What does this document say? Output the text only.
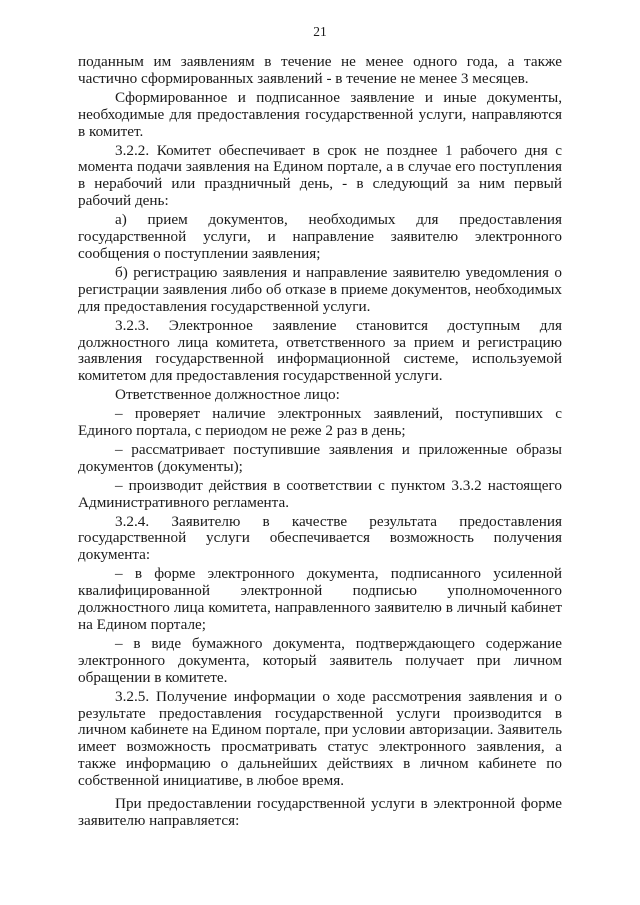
21

поданным им заявлениям в течение не менее одного года, а также частично сформированных заявлений - в течение не менее 3 месяцев.

Сформированное и подписанное заявление и иные документы, необходимые для предоставления государственной услуги, направляются в комитет.

3.2.2. Комитет обеспечивает в срок не позднее 1 рабочего дня с момента подачи заявления на Едином портале, а в случае его поступления в нерабочий или праздничный день, - в следующий за ним первый рабочий день:

а) прием документов, необходимых для предоставления государственной услуги, и направление заявителю электронного сообщения о поступлении заявления;

б) регистрацию заявления и направление заявителю уведомления о регистрации заявления либо об отказе в приеме документов, необходимых для предоставления государственной услуги.

3.2.3. Электронное заявление становится доступным для должностного лица комитета, ответственного за прием и регистрацию заявления государственной информационной системе, используемой комитетом для предоставления государственной услуги.

Ответственное должностное лицо:

– проверяет наличие электронных заявлений, поступивших с Единого портала, с периодом не реже 2 раз в день;

– рассматривает поступившие заявления и приложенные образы документов (документы);

– производит действия в соответствии с пунктом 3.3.2 настоящего Административного регламента.

3.2.4. Заявителю в качестве результата предоставления государственной услуги обеспечивается возможность получения документа:

– в форме электронного документа, подписанного усиленной квалифицированной электронной подписью уполномоченного должностного лица комитета, направленного заявителю в личный кабинет на Едином портале;

– в виде бумажного документа, подтверждающего содержание электронного документа, который заявитель получает при личном обращении в комитете.

3.2.5. Получение информации о ходе рассмотрения заявления и о результате предоставления государственной услуги производится в личном кабинете на Едином портале, при условии авторизации. Заявитель имеет возможность просматривать статус электронного заявления, а также информацию о дальнейших действиях в личном кабинете по собственной инициативе, в любое время.

При предоставлении государственной услуги в электронной форме заявителю направляется:
